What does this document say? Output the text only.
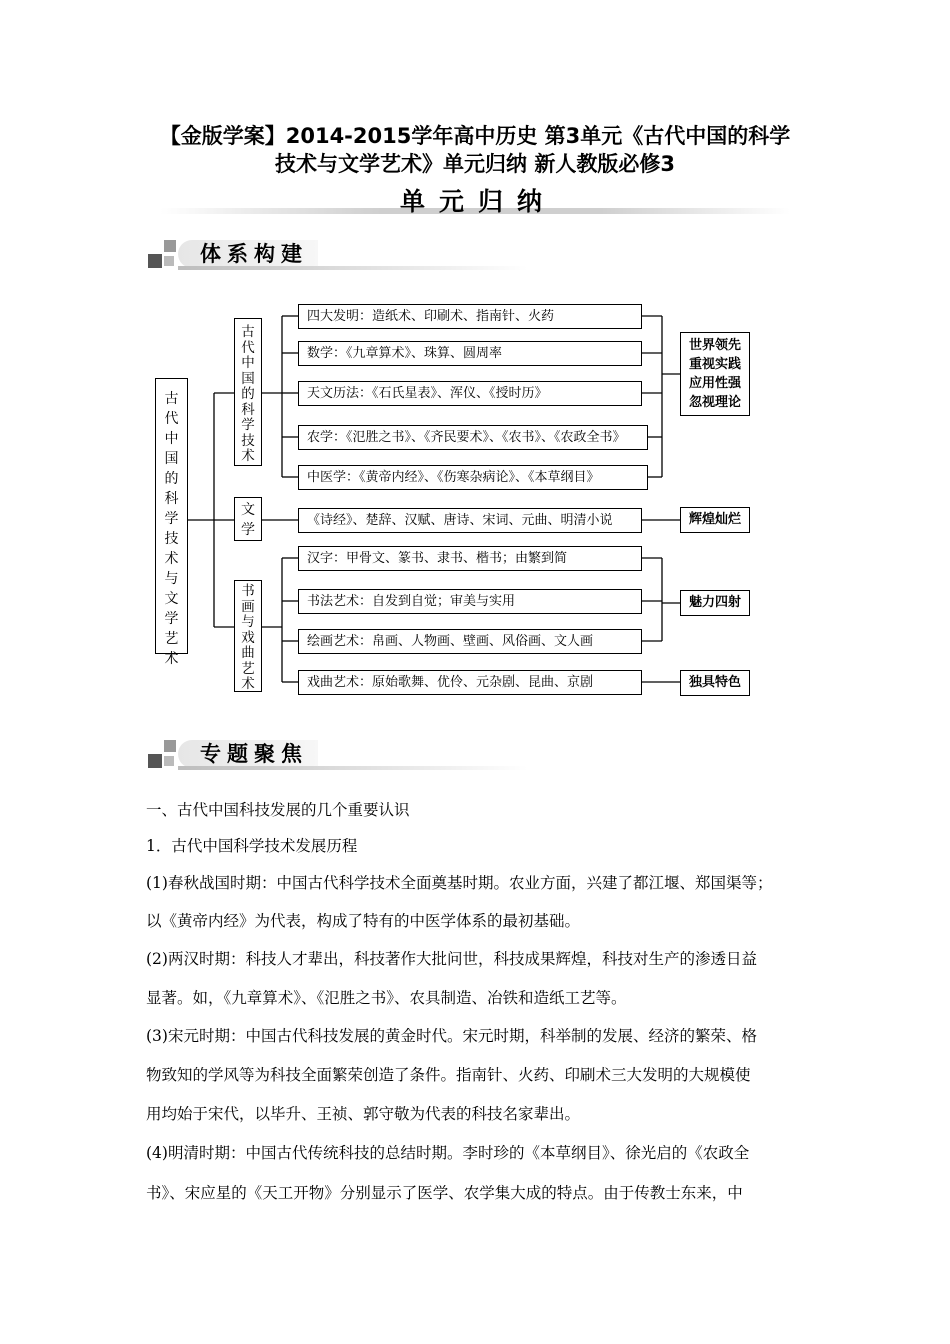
【金版学案】2014-2015学年高中历史 第3单元《古代中国的科学
技术与文学艺术》单元归纳 新人教版必修3
单元归纳
体系构建
古代中国的科学技术与文学艺术
古代中国的科学技术
文学
书画与戏曲艺术
四大发明：造纸术、印刷术、指南针、火药
数学：《九章算术》、珠算、圆周率
天文历法：《石氏星表》、浑仪、《授时历》
农学：《氾胜之书》、《齐民要术》、《农书》、《农政全书》
中医学：《黄帝内经》、《伤寒杂病论》、《本草纲目》
《诗经》、楚辞、汉赋、唐诗、宋词、元曲、明清小说
汉字：甲骨文、篆书、隶书、楷书；由繁到简
书法艺术：自发到自觉；审美与实用
绘画艺术：帛画、人物画、壁画、风俗画、文人画
戏曲艺术：原始歌舞、优伶、元杂剧、昆曲、京剧
世界领先重视实践应用性强忽视理论
辉煌灿烂
魅力四射
独具特色
专题聚焦
一、古代中国科技发展的几个重要认识
1．古代中国科学技术发展历程
(1)春秋战国时期：中国古代科学技术全面奠基时期。农业方面，兴建了都江堰、郑国渠等；
以《黄帝内经》为代表，构成了特有的中医学体系的最初基础。
(2)两汉时期：科技人才辈出，科技著作大批问世，科技成果辉煌，科技对生产的渗透日益
显著。如，《九章算术》、《氾胜之书》、农具制造、冶铁和造纸工艺等。
(3)宋元时期：中国古代科技发展的黄金时代。宋元时期，科举制的发展、经济的繁荣、格
物致知的学风等为科技全面繁荣创造了条件。指南针、火药、印刷术三大发明的大规模使
用均始于宋代，以毕升、王祯、郭守敬为代表的科技名家辈出。
(4)明清时期：中国古代传统科技的总结时期。李时珍的《本草纲目》、徐光启的《农政全
书》、宋应星的《天工开物》分别显示了医学、农学集大成的特点。由于传教士东来，中
